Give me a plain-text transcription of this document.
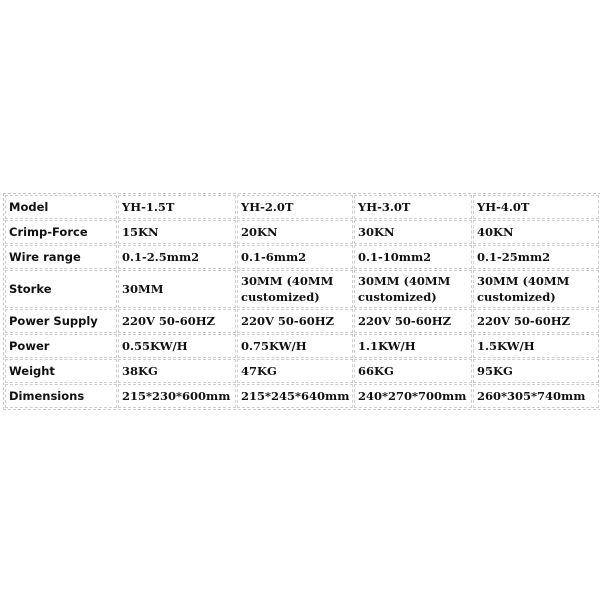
Model	YH-1.5T	YH-2.0T	YH-3.0T	YH-4.0T
Crimp-Force	15KN	20KN	30KN	40KN
Wire range	0.1-2.5mm2	0.1-6mm2	0.1-10mm2	0.1-25mm2
Storke	30MM	30MM (40MM customized)	30MM (40MM customized)	30MM (40MM customized)
Power Supply	220V 50-60HZ	220V 50-60HZ	220V 50-60HZ	220V 50-60HZ
Power	0.55KW/H	0.75KW/H	1.1KW/H	1.5KW/H
Weight	38KG	47KG	66KG	95KG
Dimensions	215*230*600mm	215*245*640mm	240*270*700mm	260*305*740mm
